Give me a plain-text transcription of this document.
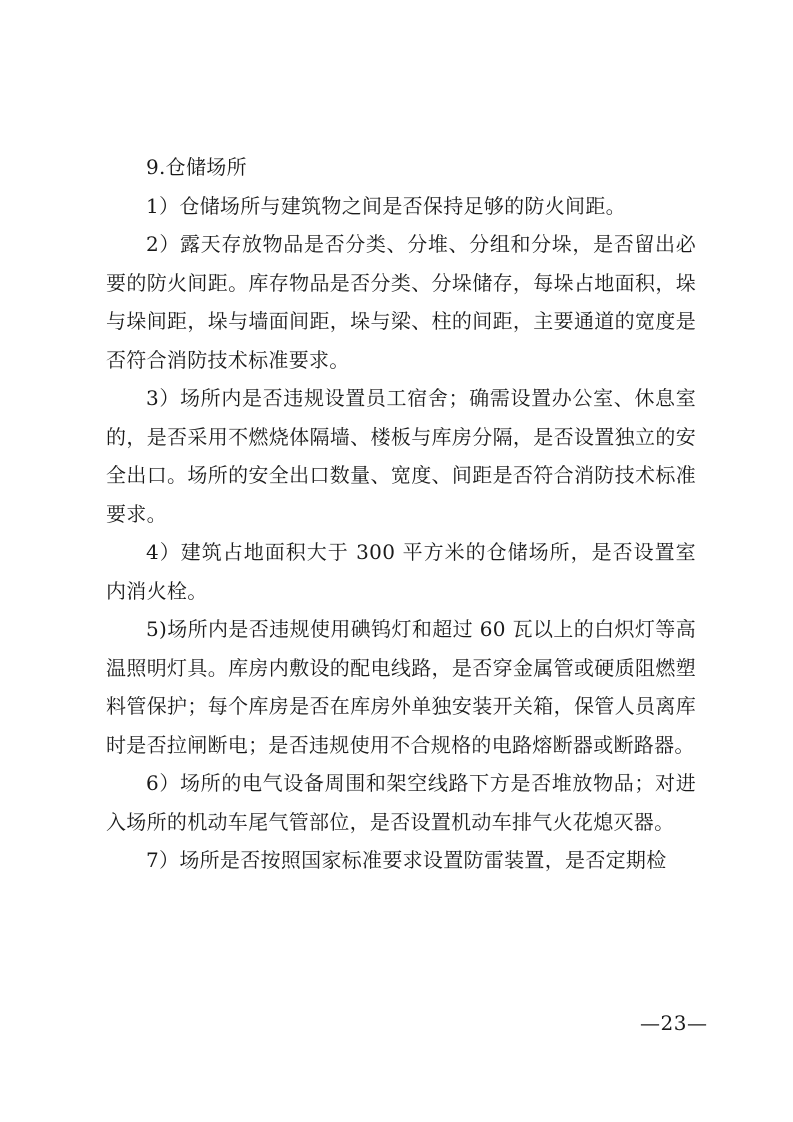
9.仓储场所

1）仓储场所与建筑物之间是否保持足够的防火间距。

2）露天存放物品是否分类、分堆、分组和分垛，是否留出必要的防火间距。库存物品是否分类、分垛储存，每垛占地面积，垛与垛间距，垛与墙面间距，垛与梁、柱的间距，主要通道的宽度是否符合消防技术标准要求。

3）场所内是否违规设置员工宿舍；确需设置办公室、休息室的，是否采用不燃烧体隔墙、楼板与库房分隔，是否设置独立的安全出口。场所的安全出口数量、宽度、间距是否符合消防技术标准要求。

4）建筑占地面积大于 300 平方米的仓储场所，是否设置室内消火栓。

5)场所内是否违规使用碘钨灯和超过 60 瓦以上的白炽灯等高温照明灯具。库房内敷设的配电线路，是否穿金属管或硬质阻燃塑料管保护；每个库房是否在库房外单独安装开关箱，保管人员离库时是否拉闸断电；是否违规使用不合规格的电路熔断器或断路器。

6）场所的电气设备周围和架空线路下方是否堆放物品；对进入场所的机动车尾气管部位，是否设置机动车排气火花熄灭器。

7）场所是否按照国家标准要求设置防雷装置，是否定期检

—23—
